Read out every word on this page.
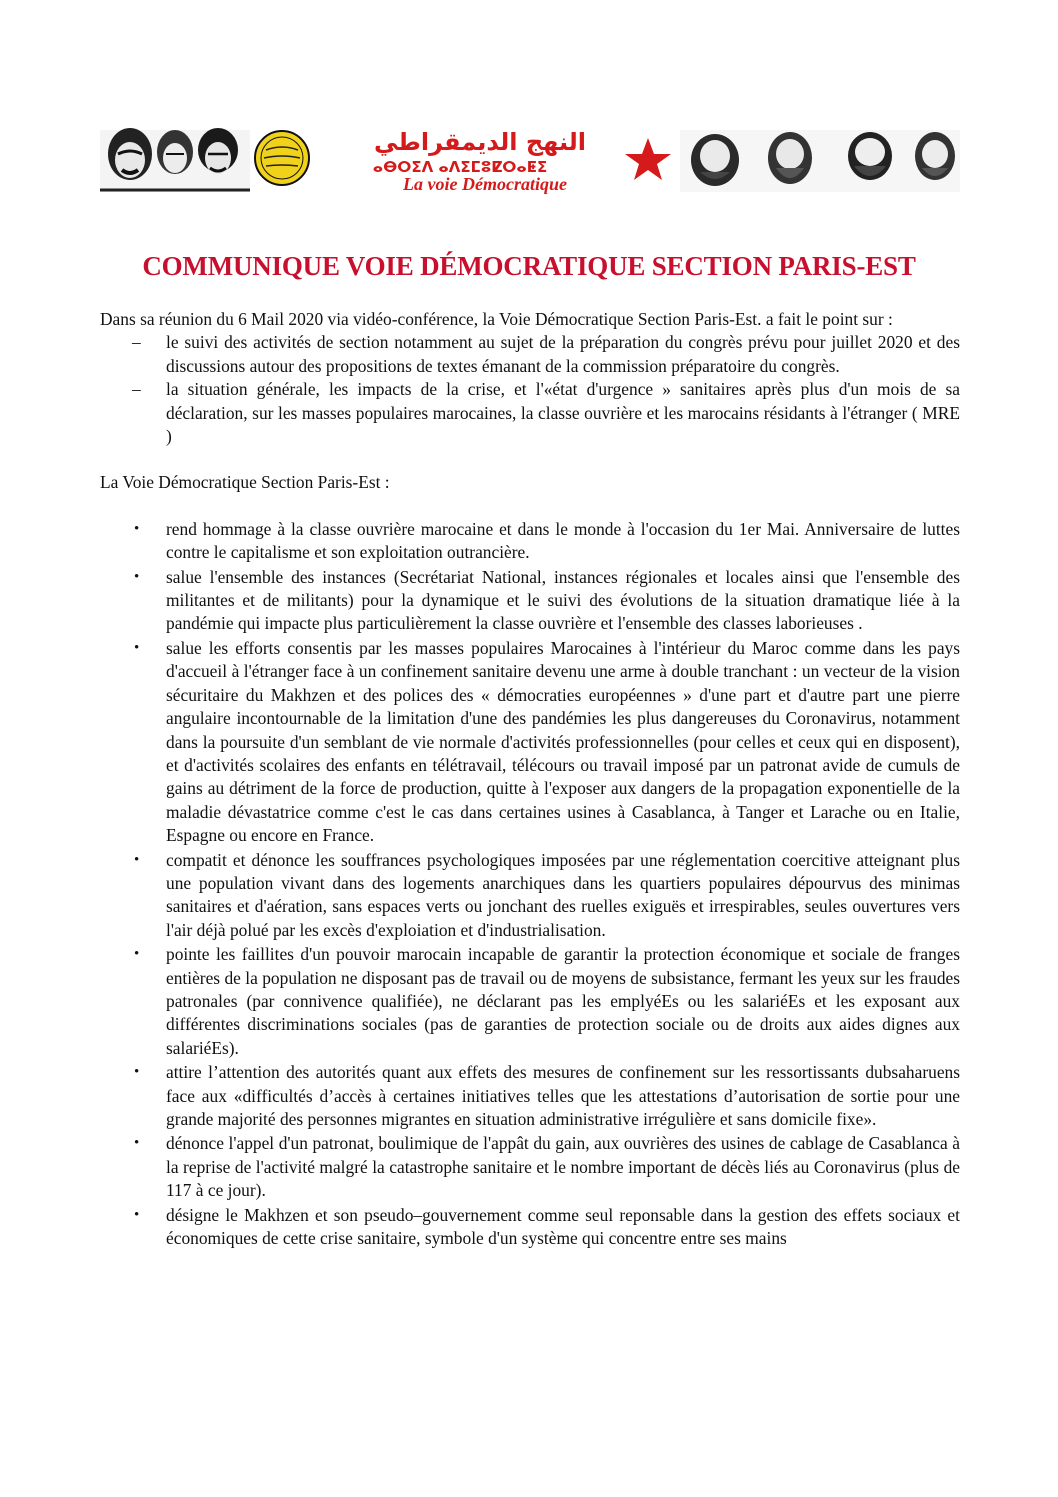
النهج الديمقراطي
ⴰⴱⵔⵉⴷ ⴰⴷⵉⵎⵓⵇⵔⴰⵟⵉ
La voie Démocratique
COMMUNIQUE VOIE DÉMOCRATIQUE SECTION PARIS-EST

Dans sa réunion du 6 Mail 2020 via vidéo-conférence, la Voie Démocratique Section Paris-Est. a fait le point sur :

– le suivi des activités de section notamment au sujet de la préparation du congrès prévu pour juillet 2020 et des discussions autour des propositions de textes émanant de la commission préparatoire du congrès.
– la situation générale, les impacts de la crise, et l'«état d'urgence » sanitaires après plus d'un mois de sa déclaration, sur les masses populaires marocaines, la classe ouvrière et les marocains résidants à l'étranger ( MRE )

La Voie Démocratique Section Paris-Est :

• rend hommage à la classe ouvrière marocaine et dans le monde à l'occasion du 1er Mai. Anniversaire de luttes contre le capitalisme et son exploitation outrancière.
• salue l'ensemble des instances (Secrétariat National, instances régionales et locales ainsi que l'ensemble des militantes et de militants) pour la dynamique et le suivi des évolutions de la situation dramatique liée à la pandémie qui impacte plus particulièrement la classe ouvrière et l'ensemble des classes laborieuses .
• salue les efforts consentis par les masses populaires Marocaines à l'intérieur du Maroc comme dans les pays d'accueil à l'étranger face à un confinement sanitaire devenu une arme à double tranchant : un vecteur de la vision sécuritaire du Makhzen et des polices des « démocraties européennes » d'une part et d'autre part une pierre angulaire incontournable de la limitation d'une des pandémies les plus dangereuses du Coronavirus, notamment dans la poursuite d'un semblant de vie normale d'activités professionnelles (pour celles et ceux qui en disposent), et d'activités scolaires des enfants en télétravail, télécours ou travail imposé par un patronat avide de cumuls de gains au détriment de la force de production, quitte à l'exposer aux dangers de la propagation exponentielle de la maladie dévastatrice comme c'est le cas dans certaines usines à Casablanca, à Tanger et Larache ou en Italie, Espagne ou encore en France.
• compatit et dénonce les souffrances psychologiques imposées par une réglementation coercitive atteignant plus une population vivant dans des logements anarchiques dans les quartiers populaires dépourvus des minimas sanitaires et d'aération, sans espaces verts ou jonchant des ruelles exiguës et irrespirables, seules ouvertures vers l'air déjà polué par les excès d'exploiation et d'industrialisation.
• pointe les faillites d'un pouvoir marocain incapable de garantir la protection économique et sociale de franges entières de la population ne disposant pas de travail ou de moyens de subsistance, fermant les yeux sur les fraudes patronales (par connivence qualifiée), ne déclarant pas les emplyéEs ou les salariéEs et les exposant aux différentes discriminations sociales (pas de garanties de protection sociale ou de droits aux aides dignes aux salariéEs).
• attire l’attention des autorités quant aux effets des mesures de confinement sur les ressortissants dubsaharuens face aux «difficultés d’accès à certaines initiatives telles que les attestations d’autorisation de sortie pour une grande majorité des personnes migrantes en situation administrative irrégulière et sans domicile fixe».
• dénonce l'appel d'un patronat, boulimique de l'appât du gain, aux ouvrières des usines de cablage de Casablanca à la reprise de l'activité malgré la catastrophe sanitaire et le nombre important de décès liés au Coronavirus (plus de 117 à ce jour).
• désigne le Makhzen et son pseudo–gouvernement comme seul reponsable dans la gestion des effets sociaux et économiques de cette crise sanitaire, symbole d'un système qui concentre entre ses mains
